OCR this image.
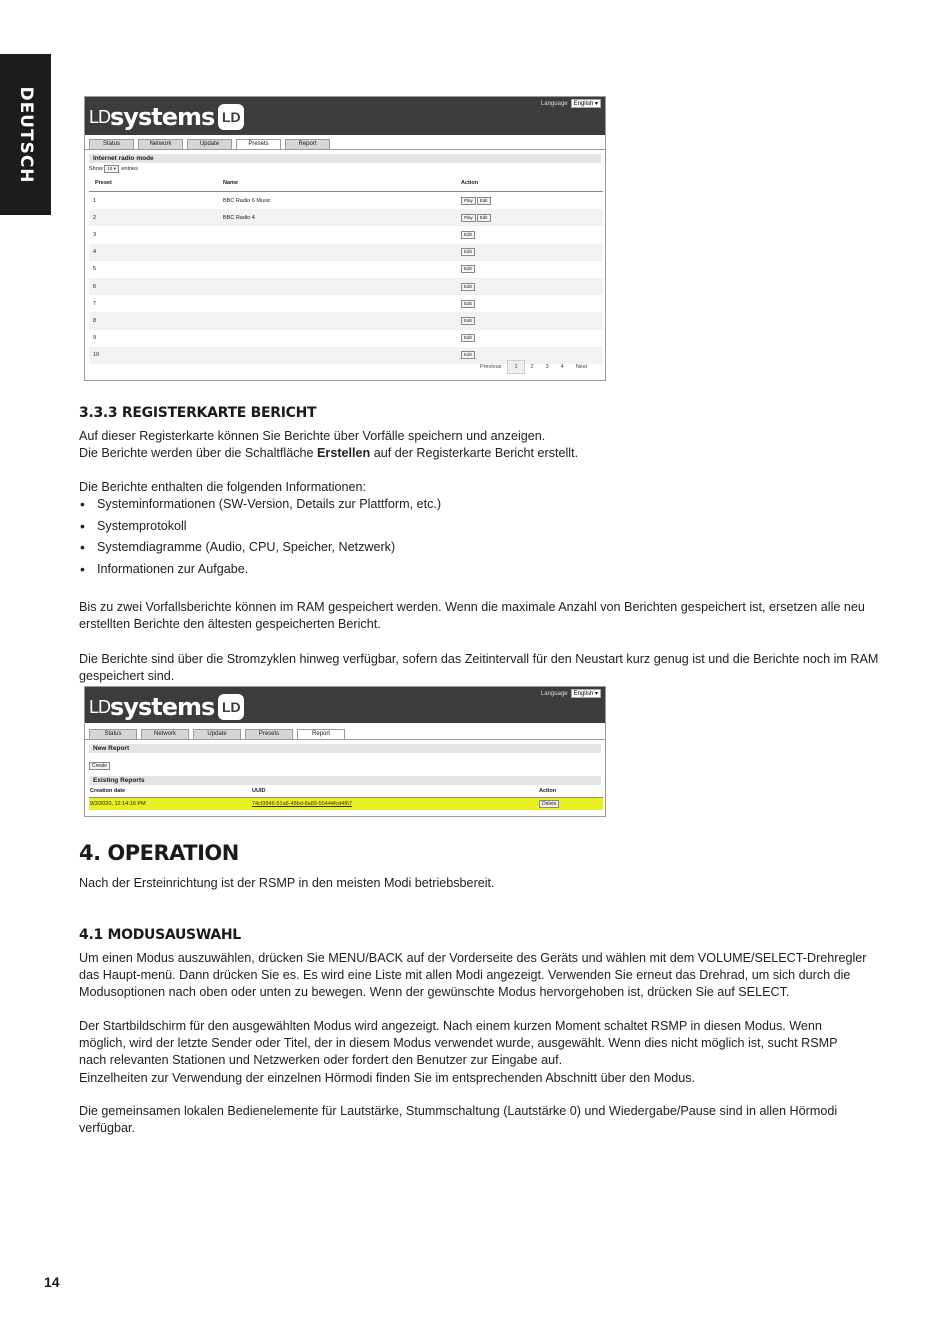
DEUTSCH	LD systems LD
Language	English ▾
Status	Network	Update	Presets	Report
Internet radio mode
Show 10 ▾ entries
Preset	Name	Action
1	BBC Radio 6 Music	Play Edit
2	BBC Radio 4	Play Edit
3		Edit
4		Edit
5		Edit
6		Edit
7		Edit
8		Edit
9		Edit
10		Edit
Previous	1	2	3	4	Next
3.3.3 REGISTERKARTE BERICHT

Auf dieser Registerkarte können Sie Berichte über Vorfälle speichern und anzeigen.
Die Berichte werden über die Schaltfläche Erstellen auf der Registerkarte Bericht erstellt.

Die Berichte enthalten die folgenden Informationen:

• Systeminformationen (SW-Version, Details zur Plattform, etc.)
• Systemprotokoll
• Systemdiagramme (Audio, CPU, Speicher, Netzwerk)
• Informationen zur Aufgabe.

Bis zu zwei Vorfallsberichte können im RAM gespeichert werden. Wenn die maximale Anzahl von Berichten gespeichert ist, ersetzen alle neu erstellten Berichte den ältesten gespeicherten Bericht.

Die Berichte sind über die Stromzyklen hinweg verfügbar, sofern das Zeitintervall für den Neustart kurz genug ist und die Berichte noch im RAM gespeichert sind.

LD systems LD
Language	English ▾
Status	Network	Update	Presets	Report
New Report
Create
Existing Reports
Creation date	UUID	Action
9/3/2020, 12:14:16 PM	74cf3846-51a8-48bd-8a89-55444fcd4f67	Delete
4. OPERATION

Nach der Ersteinrichtung ist der RSMP in den meisten Modi betriebsbereit.

4.1 MODUSAUSWAHL

Um einen Modus auszuwählen, drücken Sie MENU/BACK auf der Vorderseite des Geräts und wählen mit dem VOLUME/SELECT-Drehregler das Haupt-menü. Dann drücken Sie es. Es wird eine Liste mit allen Modi angezeigt. Verwenden Sie erneut das Drehrad, um sich durch die Modusoptionen nach oben oder unten zu bewegen. Wenn der gewünschte Modus hervorgehoben ist, drücken Sie auf SELECT.

Der Startbildschirm für den ausgewählten Modus wird angezeigt. Nach einem kurzen Moment schaltet RSMP in diesen Modus. Wenn möglich, wird der letzte Sender oder Titel, der in diesem Modus verwendet wurde, ausgewählt. Wenn dies nicht möglich ist, sucht RSMP nach relevanten Stationen und Netzwerken oder fordert den Benutzer zur Eingabe auf.

Einzelheiten zur Verwendung der einzelnen Hörmodi finden Sie im entsprechenden Abschnitt über den Modus.

Die gemeinsamen lokalen Bedienelemente für Lautstärke, Stummschaltung (Lautstärke 0) und Wiedergabe/Pause sind in allen Hörmodi verfügbar.

14
